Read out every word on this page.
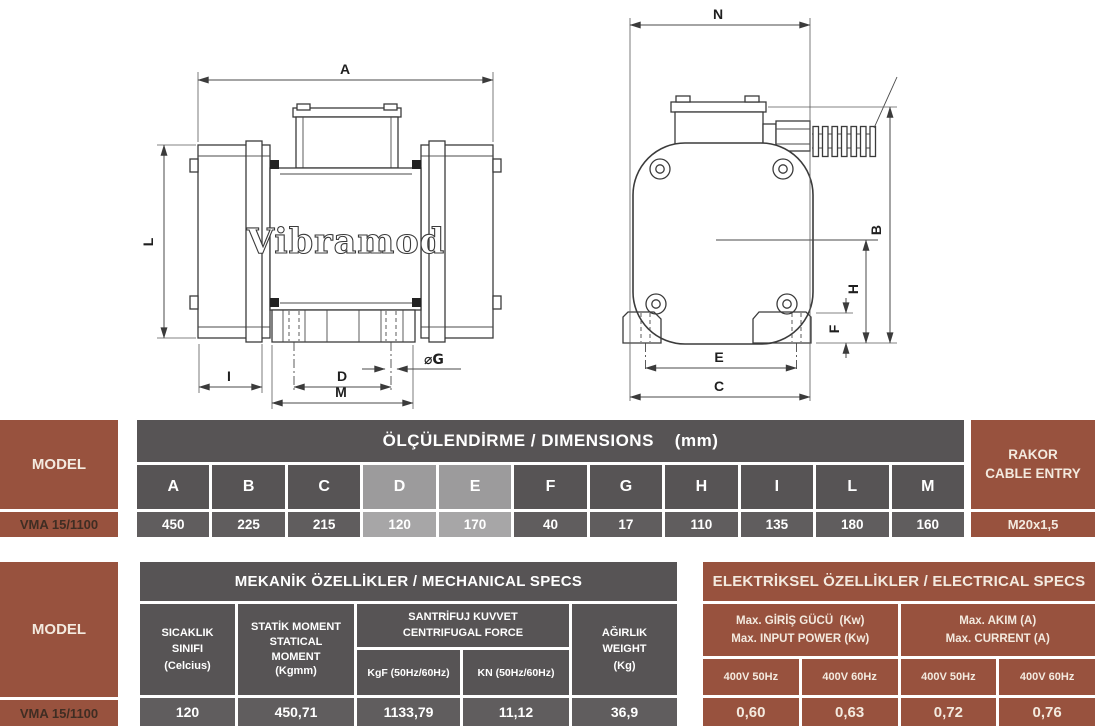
Vibramod
A
L
I	D
M
⌀G
N
B
H
F
E
C
MODEL
VMA 15/1100
ÖLÇÜLENDİRME / DIMENSIONS    (mm)
A	B	C	D	E	F	G	H	I	L	M
450	225	215	120	170	40	17	110	135	180	160
RAKOR
CABLE ENTRY
M20x1,5
MODEL
VMA 15/1100
MEKANİK ÖZELLİKLER / MECHANICAL SPECS
SICAKLIK
SINIFI
(Celcius)
STATİK MOMENT
STATICAL
MOMENT
(Kgmm)
SANTRİFUJ KUVVET
CENTRIFUGAL FORCE
KgF (50Hz/60Hz)	KN (50Hz/60Hz)
AĞIRLIK
WEIGHT
(Kg)
120	450,71	1133,79	11,12	36,9
ELEKTRİKSEL ÖZELLİKLER / ELECTRICAL SPECS
Max. GİRİŞ GÜCÜ  (Kw)
Max. INPUT POWER (Kw)
Max. AKIM (A)
Max. CURRENT (A)
400V 50Hz	400V 60Hz	400V 50Hz	400V 60Hz
0,60	0,63	0,72	0,76
